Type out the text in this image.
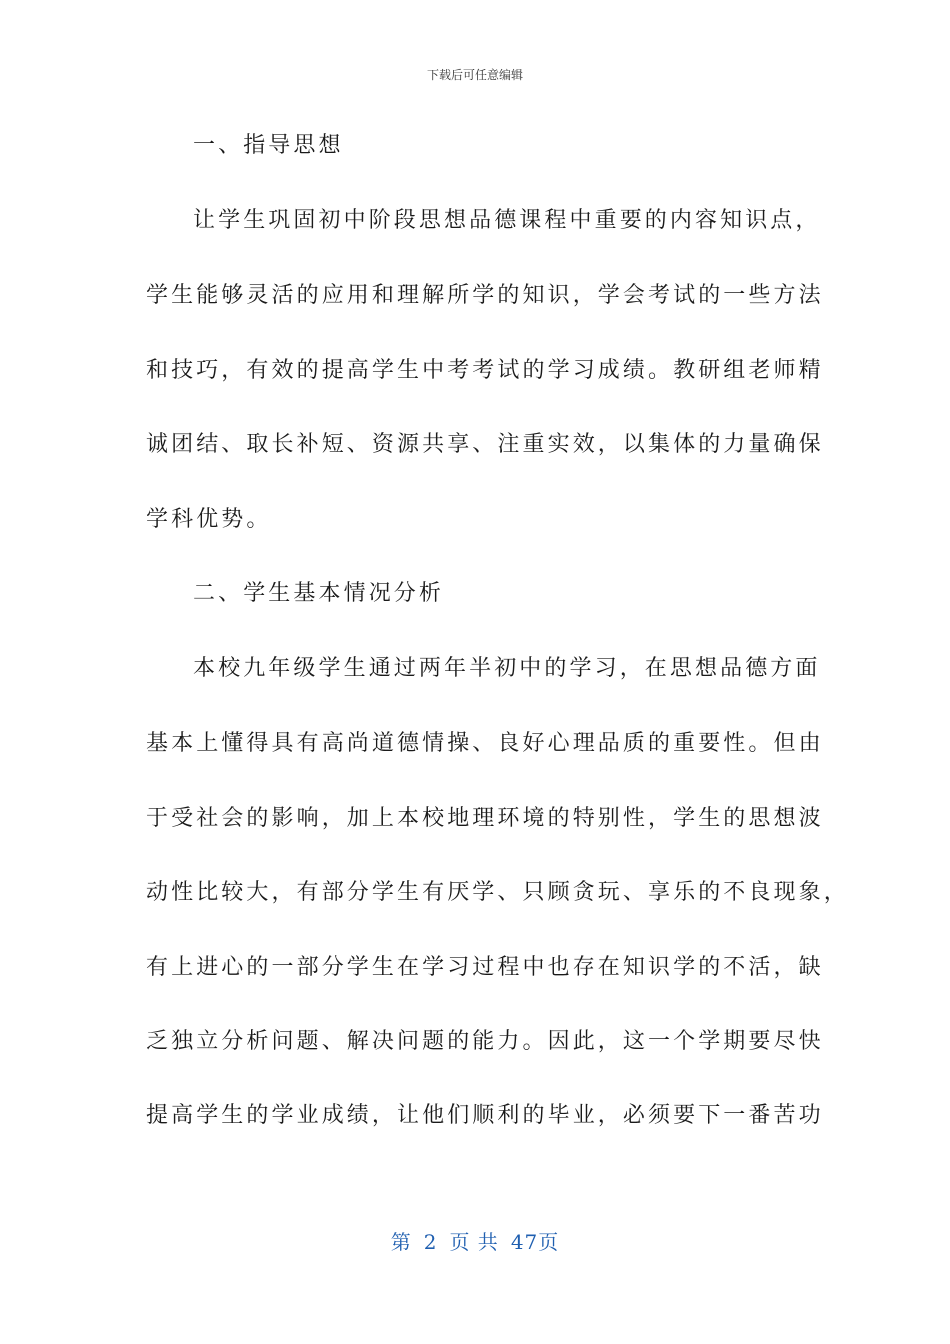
下载后可任意编辑
一、指导思想
让学生巩固初中阶段思想品德课程中重要的内容知识点，
学生能够灵活的应用和理解所学的知识，学会考试的一些方法
和技巧，有效的提高学生中考考试的学习成绩。教研组老师精
诚团结、取长补短、资源共享、注重实效，以集体的力量确保
学科优势。
二、学生基本情况分析
本校九年级学生通过两年半初中的学习，在思想品德方面
基本上懂得具有高尚道德情操、良好心理品质的重要性。但由
于受社会的影响，加上本校地理环境的特别性，学生的思想波
动性比较大，有部分学生有厌学、只顾贪玩、享乐的不良现象，
有上进心的一部分学生在学习过程中也存在知识学的不活，缺
乏独立分析问题、解决问题的能力。因此，这一个学期要尽快
提高学生的学业成绩，让他们顺利的毕业，必须要下一番苦功
第 2 页 共 47页
